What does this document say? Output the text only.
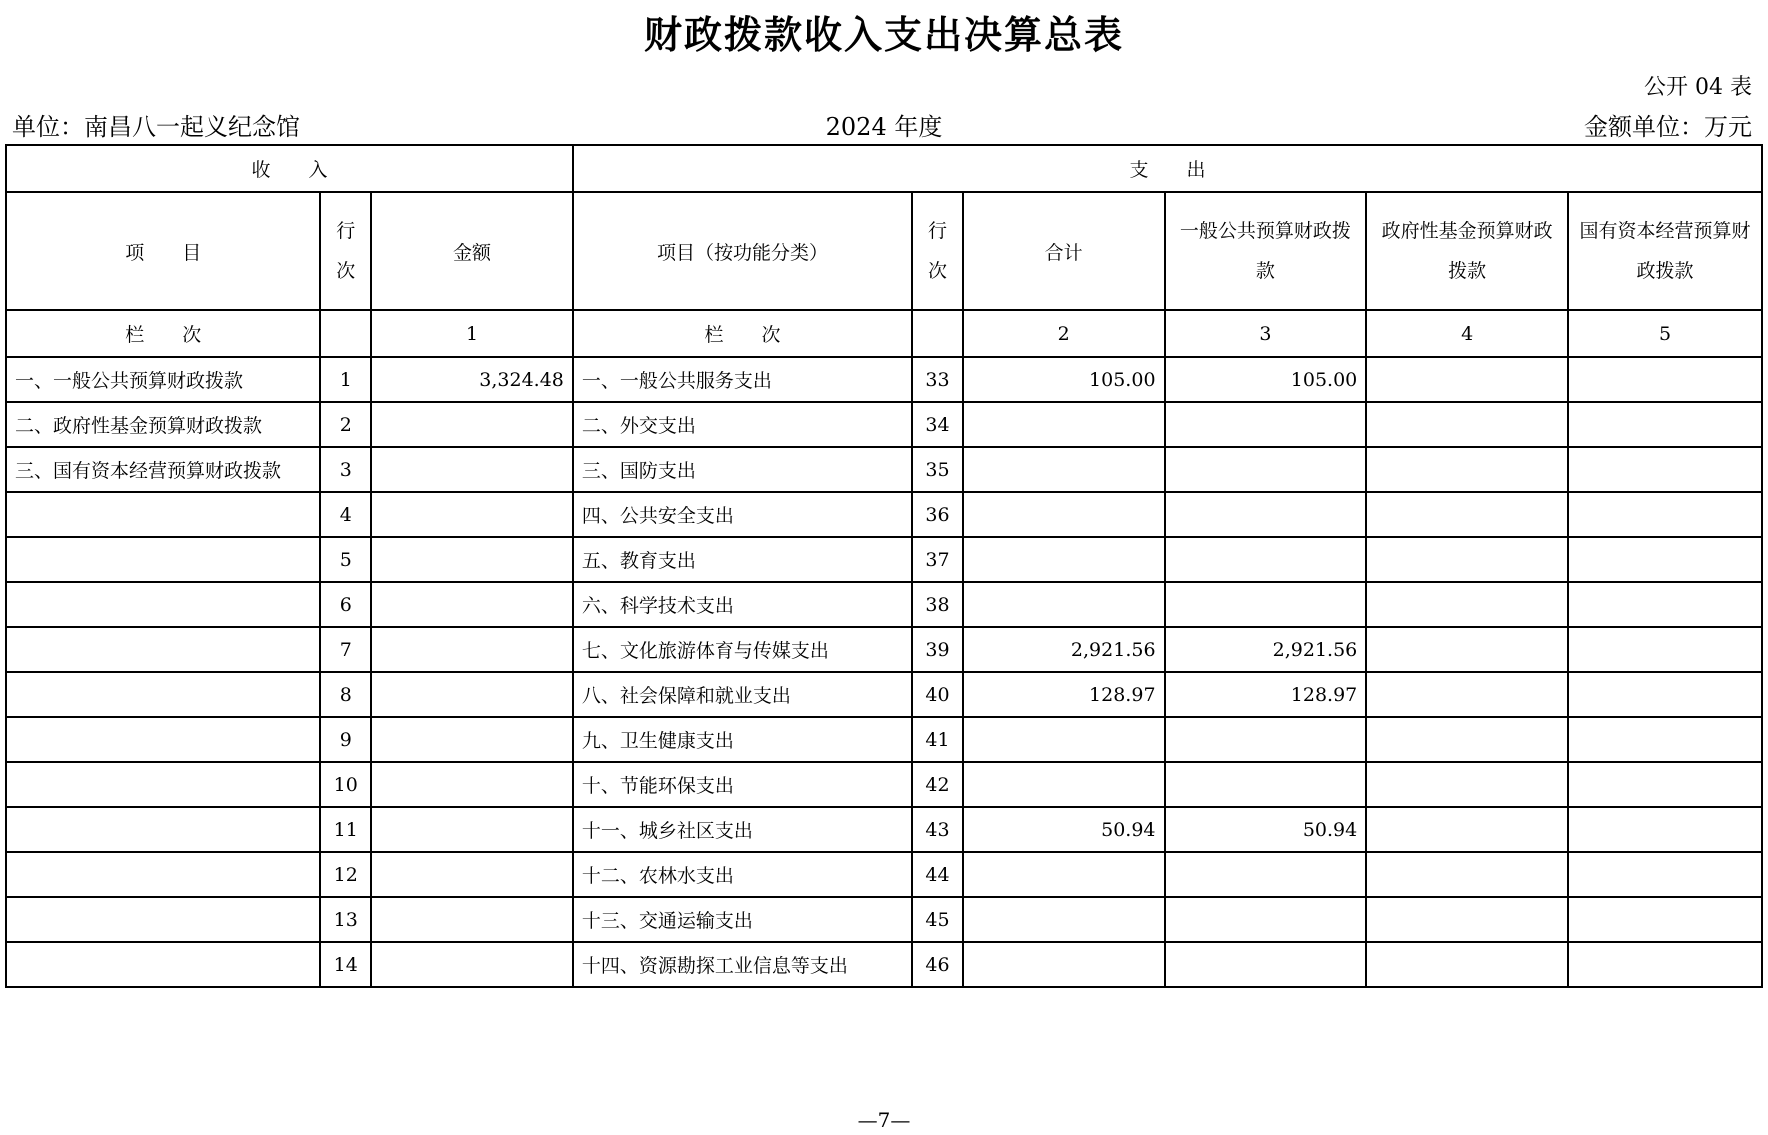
财政拨款收入支出决算总表
公开 04 表
单位：南昌八一起义纪念馆	2024 年度	金额单位：万元
收　　入			支　　出					
项　　目	行次	金额	项目（按功能分类）	行次	合计	一般公共预算财政拨款	政府性基金预算财政拨款	国有资本经营预算财政拨款
栏　　次		1	栏　　次		2	3	4	5
一、一般公共预算财政拨款	1	3,324.48	一、一般公共服务支出	33	105.00	105.00		
二、政府性基金预算财政拨款	2		二、外交支出	34				
三、国有资本经营预算财政拨款	3		三、国防支出	35				
	4		四、公共安全支出	36				
	5		五、教育支出	37				
	6		六、科学技术支出	38				
	7		七、文化旅游体育与传媒支出	39	2,921.56	2,921.56		
	8		八、社会保障和就业支出	40	128.97	128.97		
	9		九、卫生健康支出	41				
	10		十、节能环保支出	42				
	11		十一、城乡社区支出	43	50.94	50.94		
	12		十二、农林水支出	44				
	13		十三、交通运输支出	45				
	14		十四、资源勘探工业信息等支出	46				
—7—
